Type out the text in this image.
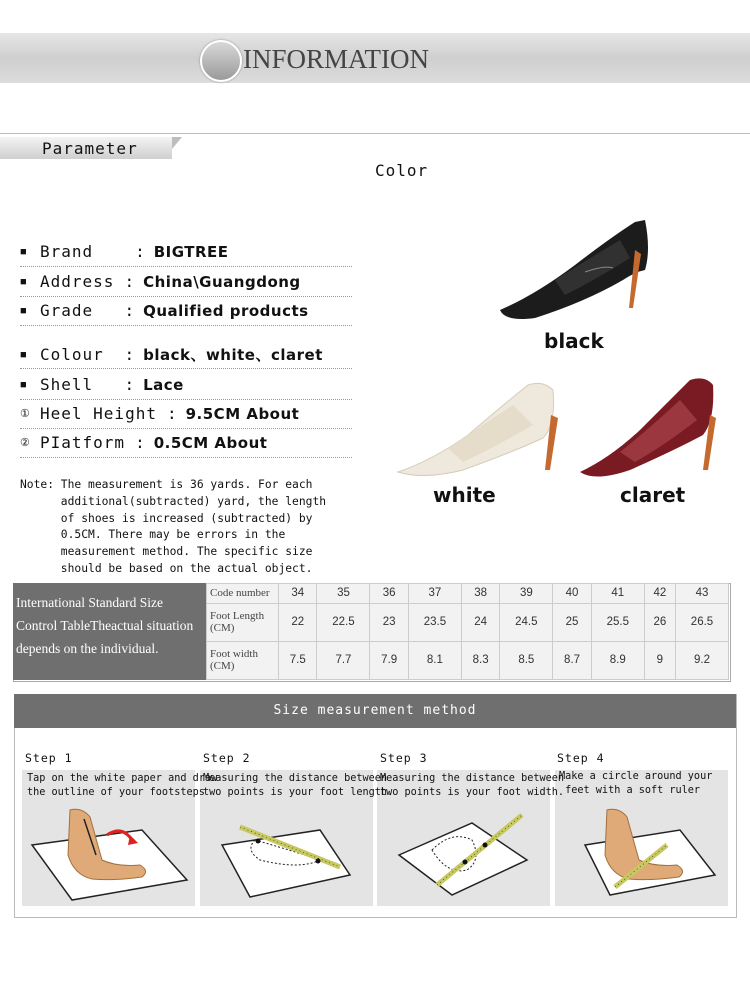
INFORMATION
Parameter
Color
■ Brand   : BIGTREE
■ Address : China\Guangdong
■ Grade  : Qualified products
■ Colour : black、white、claret
■ Shell  : Lace
① Heel Height : 9.5CM About
② PIatform : 0.5CM About
Note: The measurement is 36 yards. For each
additional(subtracted) yard, the length
of shoes is increased (subtracted) by
0.5CM. There may be errors in the
measurement method. The specific size
should be based on the actual object.
black
white	claret
International Standard Size Control TableTheactual situation depends on the individual.
Code number	34	35	36	37	38	39	40	41	42	43
Foot Length (CM)	22	22.5	23	23.5	24	24.5	25	25.5	26	26.5
Foot width (CM)	7.5	7.7	7.9	8.1	8.3	8.5	8.7	8.9	9	9.2
Size measurement method
Step 1	Step 2	Step 3	Step 4
Tap on the white paper and draw
the outline of your footsteps
Measuring the distance between
two points is your foot length.
Measuring the distance between
two points is your foot width.
Make a circle around your
feet with a soft ruler
